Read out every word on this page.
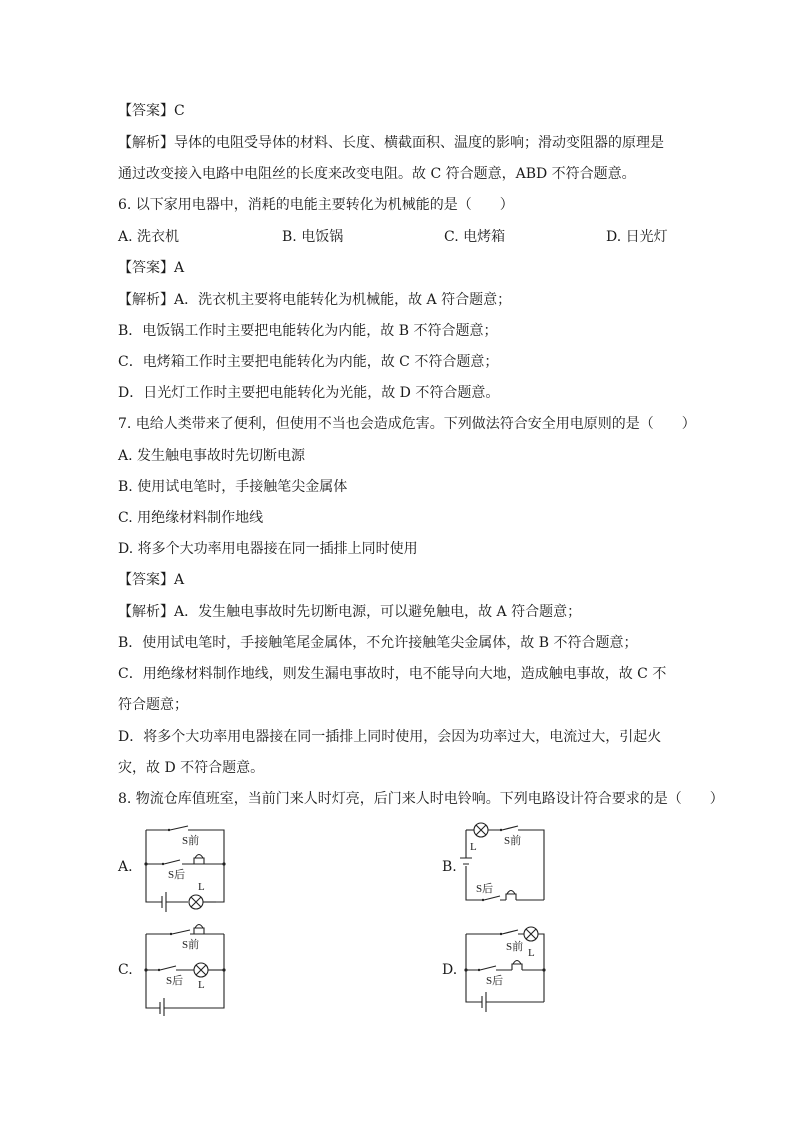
【答案】C
【解析】导体的电阻受导体的材料、长度、横截面积、温度的影响；滑动变阻器的原理是
通过改变接入电路中电阻丝的长度来改变电阻。故 C 符合题意，ABD 不符合题意。
6. 以下家用电器中，消耗的电能主要转化为机械能的是（　　）
A. 洗衣机	B. 电饭锅	C. 电烤箱	D. 日光灯
【答案】A
【解析】A．洗衣机主要将电能转化为机械能，故 A 符合题意；
B．电饭锅工作时主要把电能转化为内能，故 B 不符合题意；
C．电烤箱工作时主要把电能转化为内能，故 C 不符合题意；
D．日光灯工作时主要把电能转化为光能，故 D 不符合题意。
7. 电给人类带来了便利，但使用不当也会造成危害。下列做法符合安全用电原则的是（　　）
A. 发生触电事故时先切断电源
B. 使用试电笔时，手接触笔尖金属体
C. 用绝缘材料制作地线
D. 将多个大功率用电器接在同一插排上同时使用
【答案】A
【解析】A．发生触电事故时先切断电源，可以避免触电，故 A 符合题意；
B．使用试电笔时，手接触笔尾金属体，不允许接触笔尖金属体，故 B 不符合题意；
C．用绝缘材料制作地线，则发生漏电事故时，电不能导向大地，造成触电事故，故 C 不
符合题意；
D．将多个大功率用电器接在同一插排上同时使用，会因为功率过大，电流过大，引起火
灾，故 D 不符合题意。
8. 物流仓库值班室，当前门来人时灯亮，后门来人时电铃响。下列电路设计符合要求的是（　　）
A.	B.
C.	D.
S前
S后
L
L S前
S后
S前
S后 L
S前 L
S后
